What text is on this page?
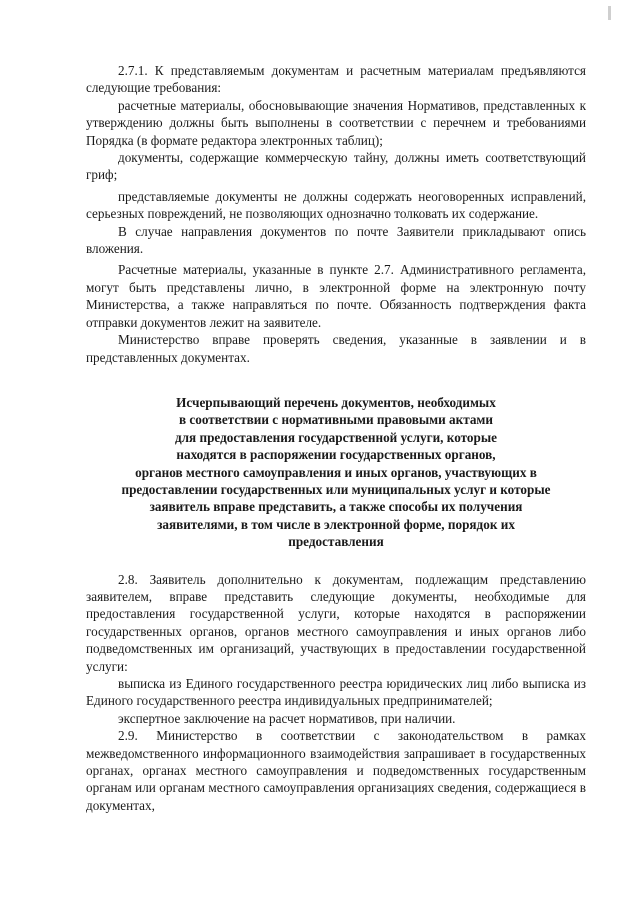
2.7.1. К представляемым документам и расчетным материалам предъявляются следующие требования:

расчетные материалы, обосновывающие значения Нормативов, представленных к утверждению должны быть выполнены в соответствии с перечнем и требованиями Порядка (в формате редактора электронных таблиц);

документы, содержащие коммерческую тайну, должны иметь соответствующий гриф;

представляемые документы не должны содержать неоговоренных исправлений, серьезных повреждений, не позволяющих однозначно толковать их содержание.

В случае направления документов по почте Заявители прикладывают опись вложения.

Расчетные материалы, указанные в пункте 2.7. Административного регламента, могут быть представлены лично, в электронной форме на электронную почту Министерства, а также направляться по почте. Обязанность подтверждения факта отправки документов лежит на заявителе.

Министерство вправе проверять сведения, указанные в заявлении и в представленных документах.

Исчерпывающий перечень документов, необходимых
в соответствии с нормативными правовыми актами
для предоставления государственной услуги, которые
находятся в распоряжении государственных органов,
органов местного самоуправления и иных органов, участвующих в
предоставлении государственных или муниципальных услуг и которые
заявитель вправе представить, а также способы их получения
заявителями, в том числе в электронной форме, порядок их
предоставления

2.8. Заявитель дополнительно к документам, подлежащим представлению заявителем, вправе представить следующие документы, необходимые для предоставления государственной услуги, которые находятся в распоряжении государственных органов, органов местного самоуправления и иных органов либо подведомственных им организаций, участвующих в предоставлении государственной услуги:

выписка из Единого государственного реестра юридических лиц либо выписка из Единого государственного реестра индивидуальных предпринимателей;

экспертное заключение на расчет нормативов, при наличии.

2.9. Министерство в соответствии с законодательством в рамках межведомственного информационного взаимодействия запрашивает в государственных органах, органах местного самоуправления и подведомственных государственным органам или органам местного самоуправления организациях сведения, содержащиеся в документах,
